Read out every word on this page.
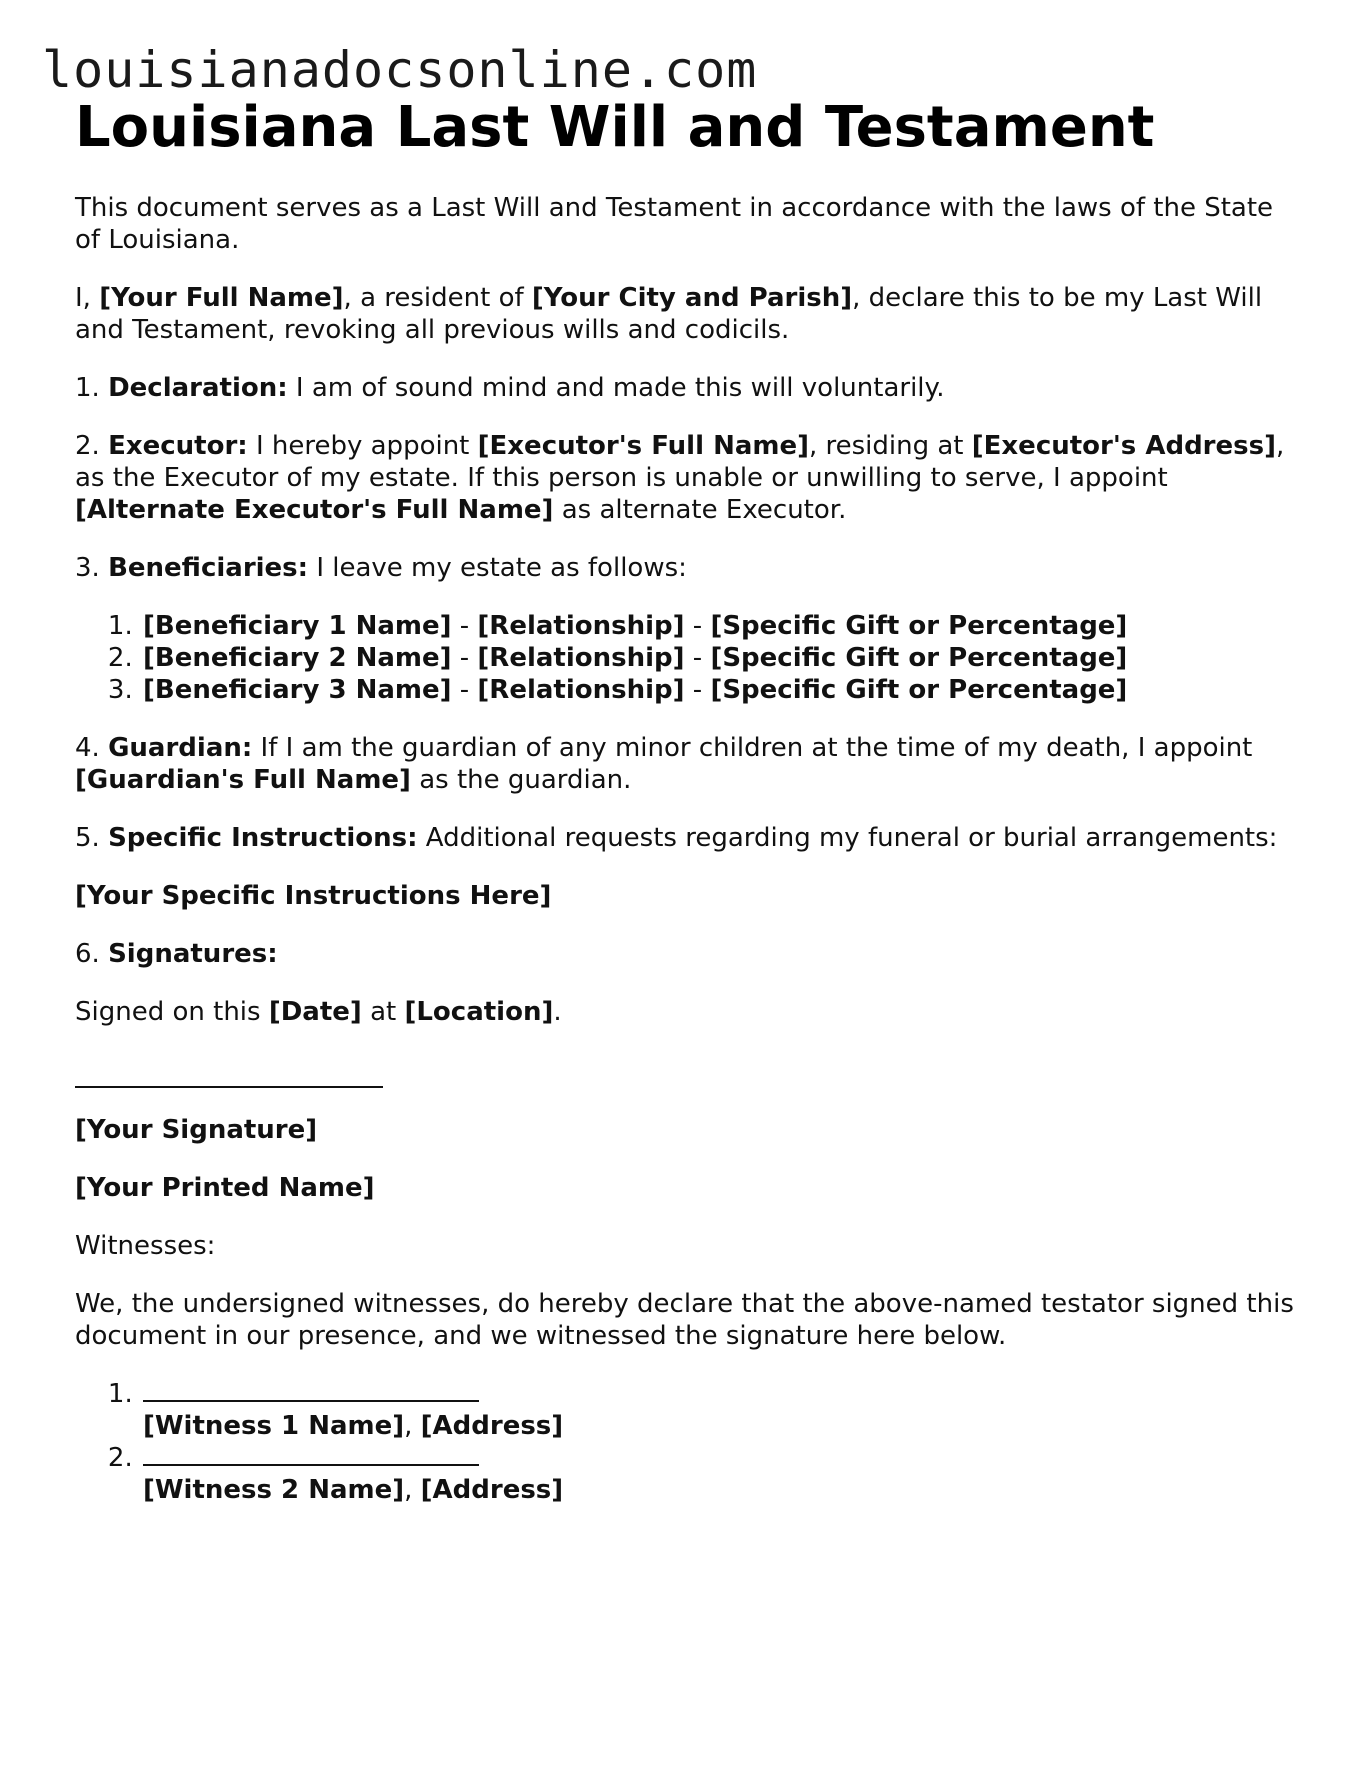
louisianadocsonline.com
Louisiana Last Will and Testament

This document serves as a Last Will and Testament in accordance with the laws of the State of Louisiana.

I, [Your Full Name], a resident of [Your City and Parish], declare this to be my Last Will and Testament, revoking all previous wills and codicils.

1. Declaration: I am of sound mind and made this will voluntarily.

2. Executor: I hereby appoint [Executor's Full Name], residing at [Executor's Address], as the Executor of my estate. If this person is unable or unwilling to serve, I appoint [Alternate Executor's Full Name] as alternate Executor.

3. Beneficiaries: I leave my estate as follows:

1. [Beneficiary 1 Name] - [Relationship] - [Specific Gift or Percentage]
2. [Beneficiary 2 Name] - [Relationship] - [Specific Gift or Percentage]
3. [Beneficiary 3 Name] - [Relationship] - [Specific Gift or Percentage]

4. Guardian: If I am the guardian of any minor children at the time of my death, I appoint [Guardian's Full Name] as the guardian.

5. Specific Instructions: Additional requests regarding my funeral or burial arrangements:

[Your Specific Instructions Here]

6. Signatures:

Signed on this [Date] at [Location].

[Your Signature]

[Your Printed Name]

Witnesses:

We, the undersigned witnesses, do hereby declare that the above-named testator signed this document in our presence, and we witnessed the signature here below.

1. [Witness 1 Name], [Address]

2. [Witness 2 Name], [Address]
